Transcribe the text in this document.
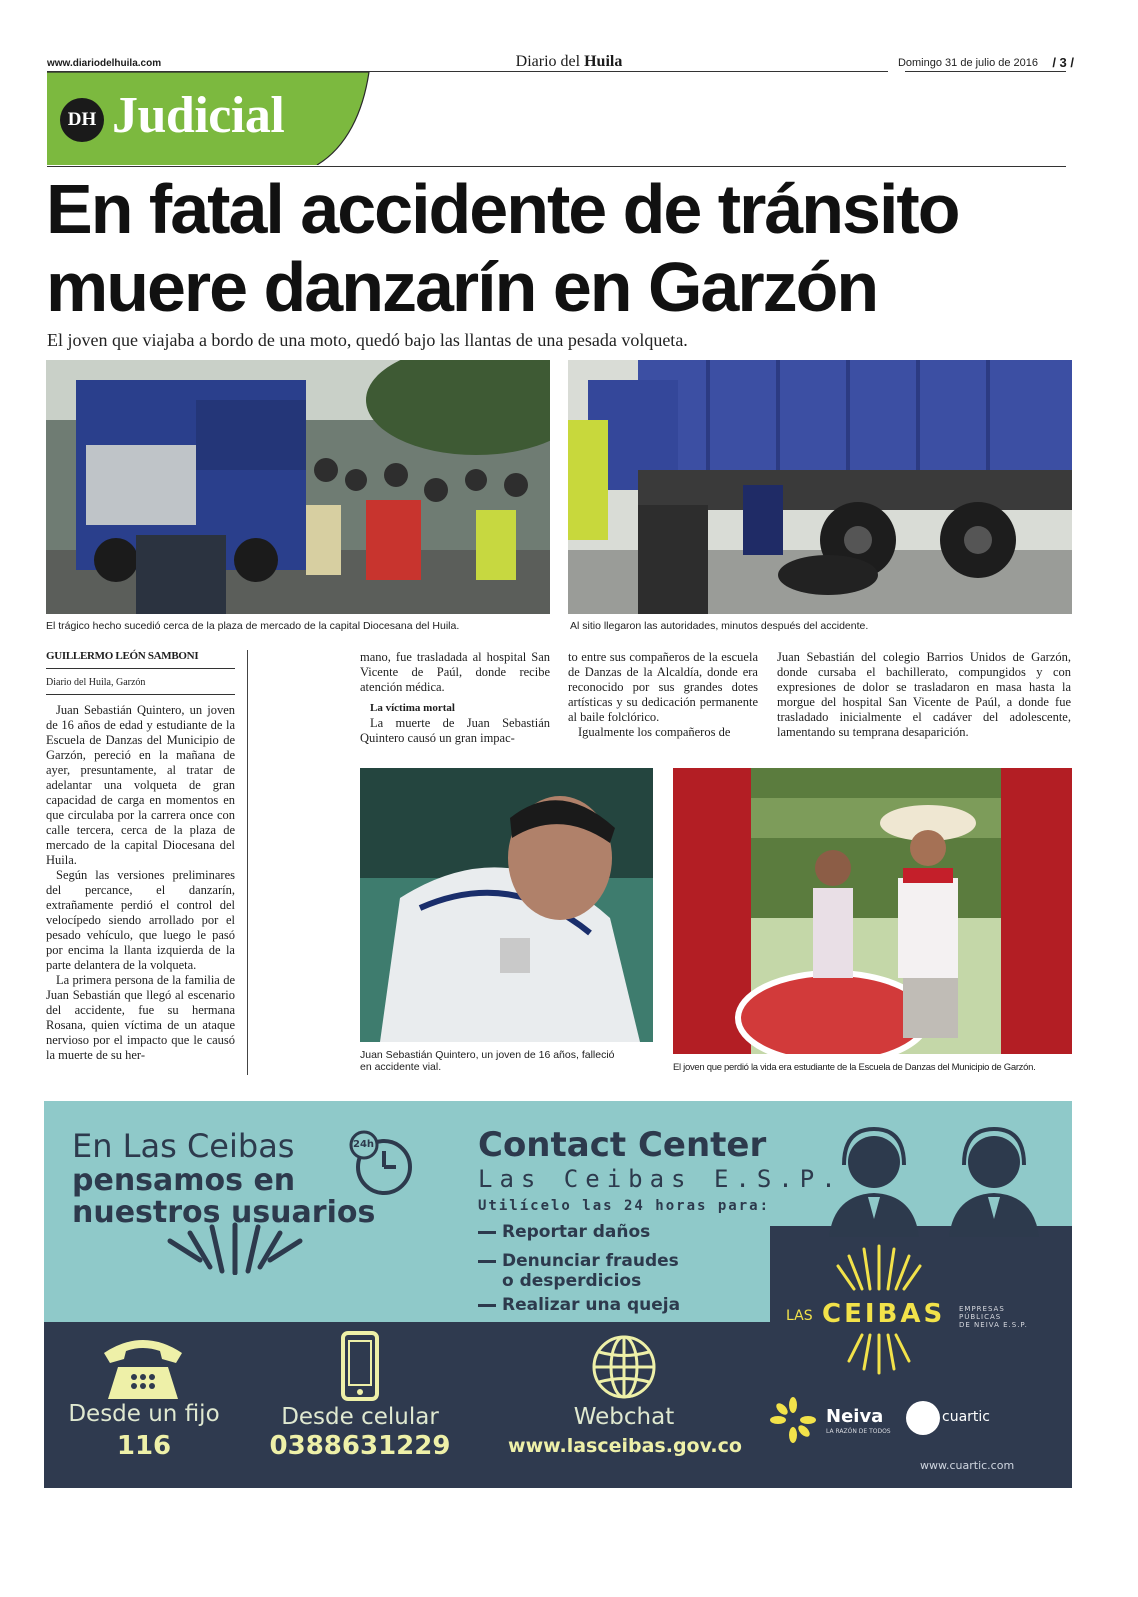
www.diariodelhuila.com	Diario del Huila	Domingo 31 de julio de 2016 / 3 /
DH Judicial
En fatal accidente de tránsito
muere danzarín en Garzón
El joven que viajaba a bordo de una moto, quedó bajo las llantas de una pesada volqueta.
El trágico hecho sucedió cerca de la plaza de mercado de la capital Diocesana del Huila.	Al sitio llegaron las autoridades, minutos después del accidente.
GUILLERMO LEÓN SAMBONI
Diario del Huila, Garzón

Juan Sebastián Quintero, un joven de 16 años de edad y estudiante de la Escuela de Danzas del Municipio de Garzón, pereció en la mañana de ayer, presuntamente, al tratar de adelantar una volqueta de gran capacidad de carga en momentos en que circulaba por la carrera once con calle tercera, cerca de la plaza de mercado de la capital Diocesana del Huila.

Según las versiones preliminares del percance, el danzarín, extrañamente perdió el control del velocípedo siendo arrollado por el pesado vehículo, que luego le pasó por encima la llanta izquierda de la parte delantera de la volqueta.

La primera persona de la familia de Juan Sebastián que llegó al escenario del accidente, fue su hermana Rosana, quien víctima de un ataque nervioso por el impacto que le causó la muerte de su her-

mano, fue trasladada al hospital San Vicente de Paúl, donde recibe atención médica.

La víctima mortal

La muerte de Juan Sebastián Quintero causó un gran impac-

to entre sus compañeros de la escuela de Danzas de la Alcaldía, donde era reconocido por sus grandes dotes artísticas y su dedicación permanente al baile folclórico.

Igualmente los compañeros de

Juan Sebastián del colegio Barrios Unidos de Garzón, donde cursaba el bachillerato, compungidos y con expresiones de dolor se trasladaron en masa hasta la morgue del hospital San Vicente de Paúl, a donde fue trasladado inicialmente el cadáver del adolescente, lamentando su temprana desaparición.

Juan Sebastián Quintero, un joven de 16 años, falleció
en accidente vial.	El joven que perdió la vida era estudiante de la Escuela de Danzas del Municipio de Garzón.
En Las Ceibas
pensamos en
nuestros usuarios
24h	Contact Center
Las Ceibas E.S.P.
Utilícelo las 24 horas para:
Reportar daños
Denunciar fraudes
o desperdicios
Realizar una queja
LAS CEIBAS EMPRESAS
PÚBLICAS
DE NEIVA E.S.P.
Desde un fijo
116
Desde celular
0388631229
Webchat
www.lasceibas.gov.co
Neiva
LA RAZÓN DE TODOS
cuartic
www.cuartic.com
